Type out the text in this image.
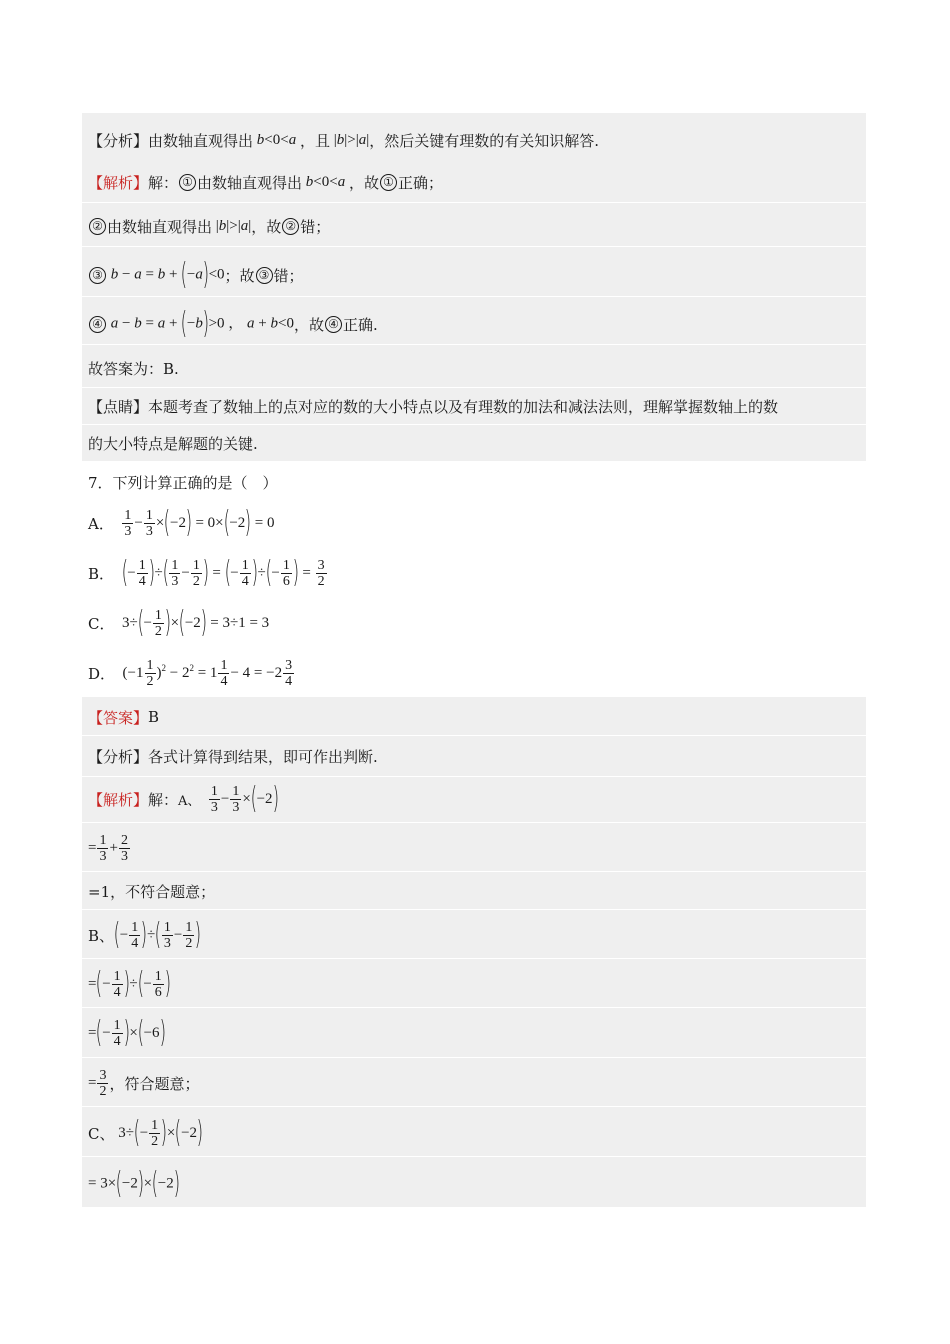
【分析】 由数轴直观得出 b<0<a ，且 |b|>|a| ，然后关键有理数的有关知识解答.
【解析】 解： ① 由数轴直观得出 b<0<a ，故 ① 正确；
② 由数轴直观得出 |b|>|a| ，故 ② 错；
③ b − a = b + (−a)<0 ；故 ③ 错；
④ a − b = a + (−b)>0 ， a + b<0 ，故 ④ 正确.
故答案为：B.
【点睛】 本题考查了数轴上的点对应的数的大小特点以及有理数的加法和减法法则，理解掌握数轴上的数
的大小特点是解题的关键.
7．下列计算正确的是（　）
A．
$\frac{1}{3} - \frac{1}{3} \times(-2) = 0\times(-2) = 0$
B． (− $\frac{1}{4}$ )÷( $\frac{1}{3} - \frac{1}{2}$ ) = (− $\frac{1}{4}$ )÷(− $\frac{1}{6}$ ) = $\frac{3}{2}$
C． $3\div(- \frac{1}{2} )\times(-2) = 3\div 1 = 3$
D． $(-1 \frac{1}{2} )^2 - 2^2 = 1 \frac{1}{4} - 4 = -2 \frac{3}{4}$
【答案】 B
【分析】 各式计算得到结果，即可作出判断.
【解析】 解： A、
$\frac{1}{3} - \frac{1}{3} \times(-2)$
= $\frac{1}{3} + \frac{2}{3}$
=1，不符合题意；
B、 (− $\frac{1}{4}$ )÷( $\frac{1}{3} - \frac{1}{2}$ )
=(− $\frac{1}{4}$ )÷(− $\frac{1}{6}$ )
=(− $\frac{1}{4} )\times(-6)$
= $\frac{3}{2}$ ，符合题意；
C、 $3\div(- \frac{1}{2} )\times(-2)$
= 3×(−2)×(−2)
